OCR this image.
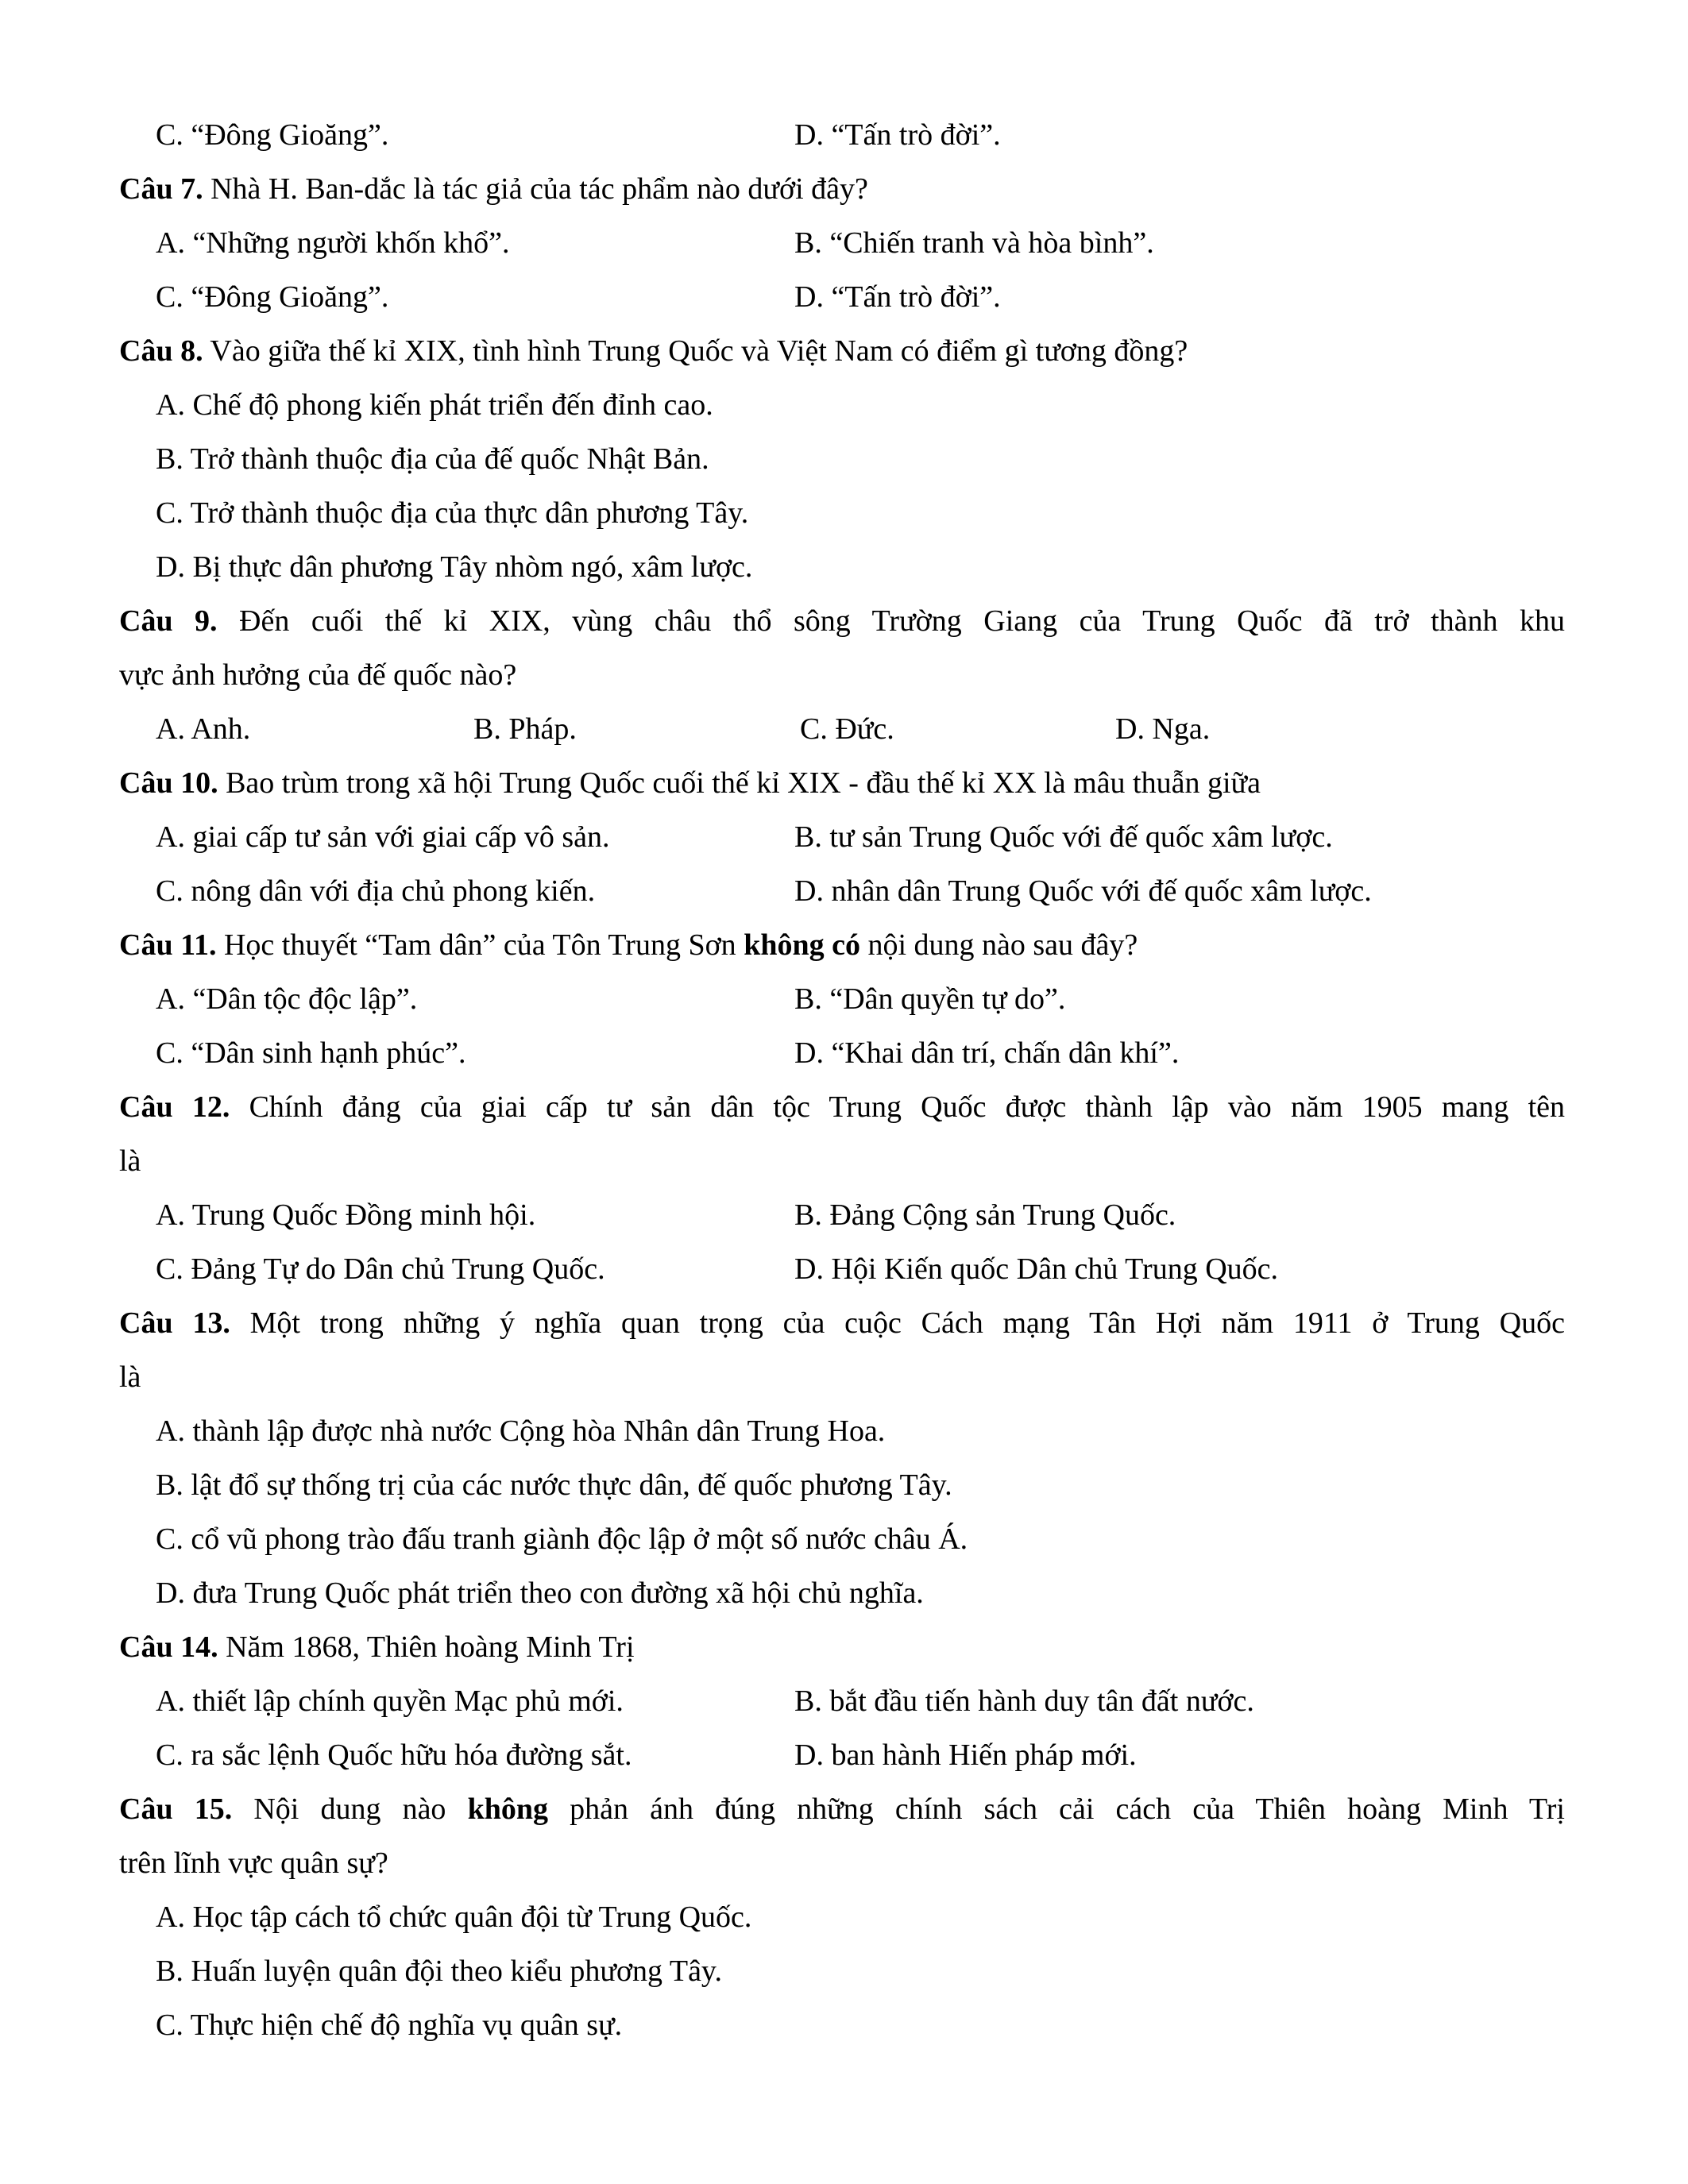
C. “Đông Gioăng”.	D. “Tấn trò đời”.
Câu 7. Nhà H. Ban-dắc là tác giả của tác phẩm nào dưới đây?
A. “Những người khốn khổ”.	B. “Chiến tranh và hòa bình”.
C. “Đông Gioăng”.	D. “Tấn trò đời”.
Câu 8. Vào giữa thế kỉ XIX, tình hình Trung Quốc và Việt Nam có điểm gì tương đồng?
A. Chế độ phong kiến phát triển đến đỉnh cao.
B. Trở thành thuộc địa của đế quốc Nhật Bản.
C. Trở thành thuộc địa của thực dân phương Tây.
D. Bị thực dân phương Tây nhòm ngó, xâm lược.
Câu 9. Đến cuối thế kỉ XIX, vùng châu thổ sông Trường Giang của Trung Quốc đã trở thành khu
vực ảnh hưởng của đế quốc nào?
A. Anh.	B. Pháp.	C. Đức.	D. Nga.
Câu 10. Bao trùm trong xã hội Trung Quốc cuối thế kỉ XIX - đầu thế kỉ XX là mâu thuẫn giữa
A. giai cấp tư sản với giai cấp vô sản.	B. tư sản Trung Quốc với đế quốc xâm lược.
C. nông dân với địa chủ phong kiến.	D. nhân dân Trung Quốc với đế quốc xâm lược.
Câu 11. Học thuyết “Tam dân” của Tôn Trung Sơn không có nội dung nào sau đây?
A. “Dân tộc độc lập”.	B. “Dân quyền tự do”.
C. “Dân sinh hạnh phúc”.	D. “Khai dân trí, chấn dân khí”.
Câu 12. Chính đảng của giai cấp tư sản dân tộc Trung Quốc được thành lập vào năm 1905 mang tên
là
A. Trung Quốc Đồng minh hội.	B. Đảng Cộng sản Trung Quốc.
C. Đảng Tự do Dân chủ Trung Quốc.	D. Hội Kiến quốc Dân chủ Trung Quốc.
Câu 13. Một trong những ý nghĩa quan trọng của cuộc Cách mạng Tân Hợi năm 1911 ở Trung Quốc
là
A. thành lập được nhà nước Cộng hòa Nhân dân Trung Hoa.
B. lật đổ sự thống trị của các nước thực dân, đế quốc phương Tây.
C. cổ vũ phong trào đấu tranh giành độc lập ở một số nước châu Á.
D. đưa Trung Quốc phát triển theo con đường xã hội chủ nghĩa.
Câu 14. Năm 1868, Thiên hoàng Minh Trị
A. thiết lập chính quyền Mạc phủ mới.	B. bắt đầu tiến hành duy tân đất nước.
C. ra sắc lệnh Quốc hữu hóa đường sắt.	D. ban hành Hiến pháp mới.
Câu 15. Nội dung nào không phản ánh đúng những chính sách cải cách của Thiên hoàng Minh Trị
trên lĩnh vực quân sự?
A. Học tập cách tổ chức quân đội từ Trung Quốc.
B. Huấn luyện quân đội theo kiểu phương Tây.
C. Thực hiện chế độ nghĩa vụ quân sự.
